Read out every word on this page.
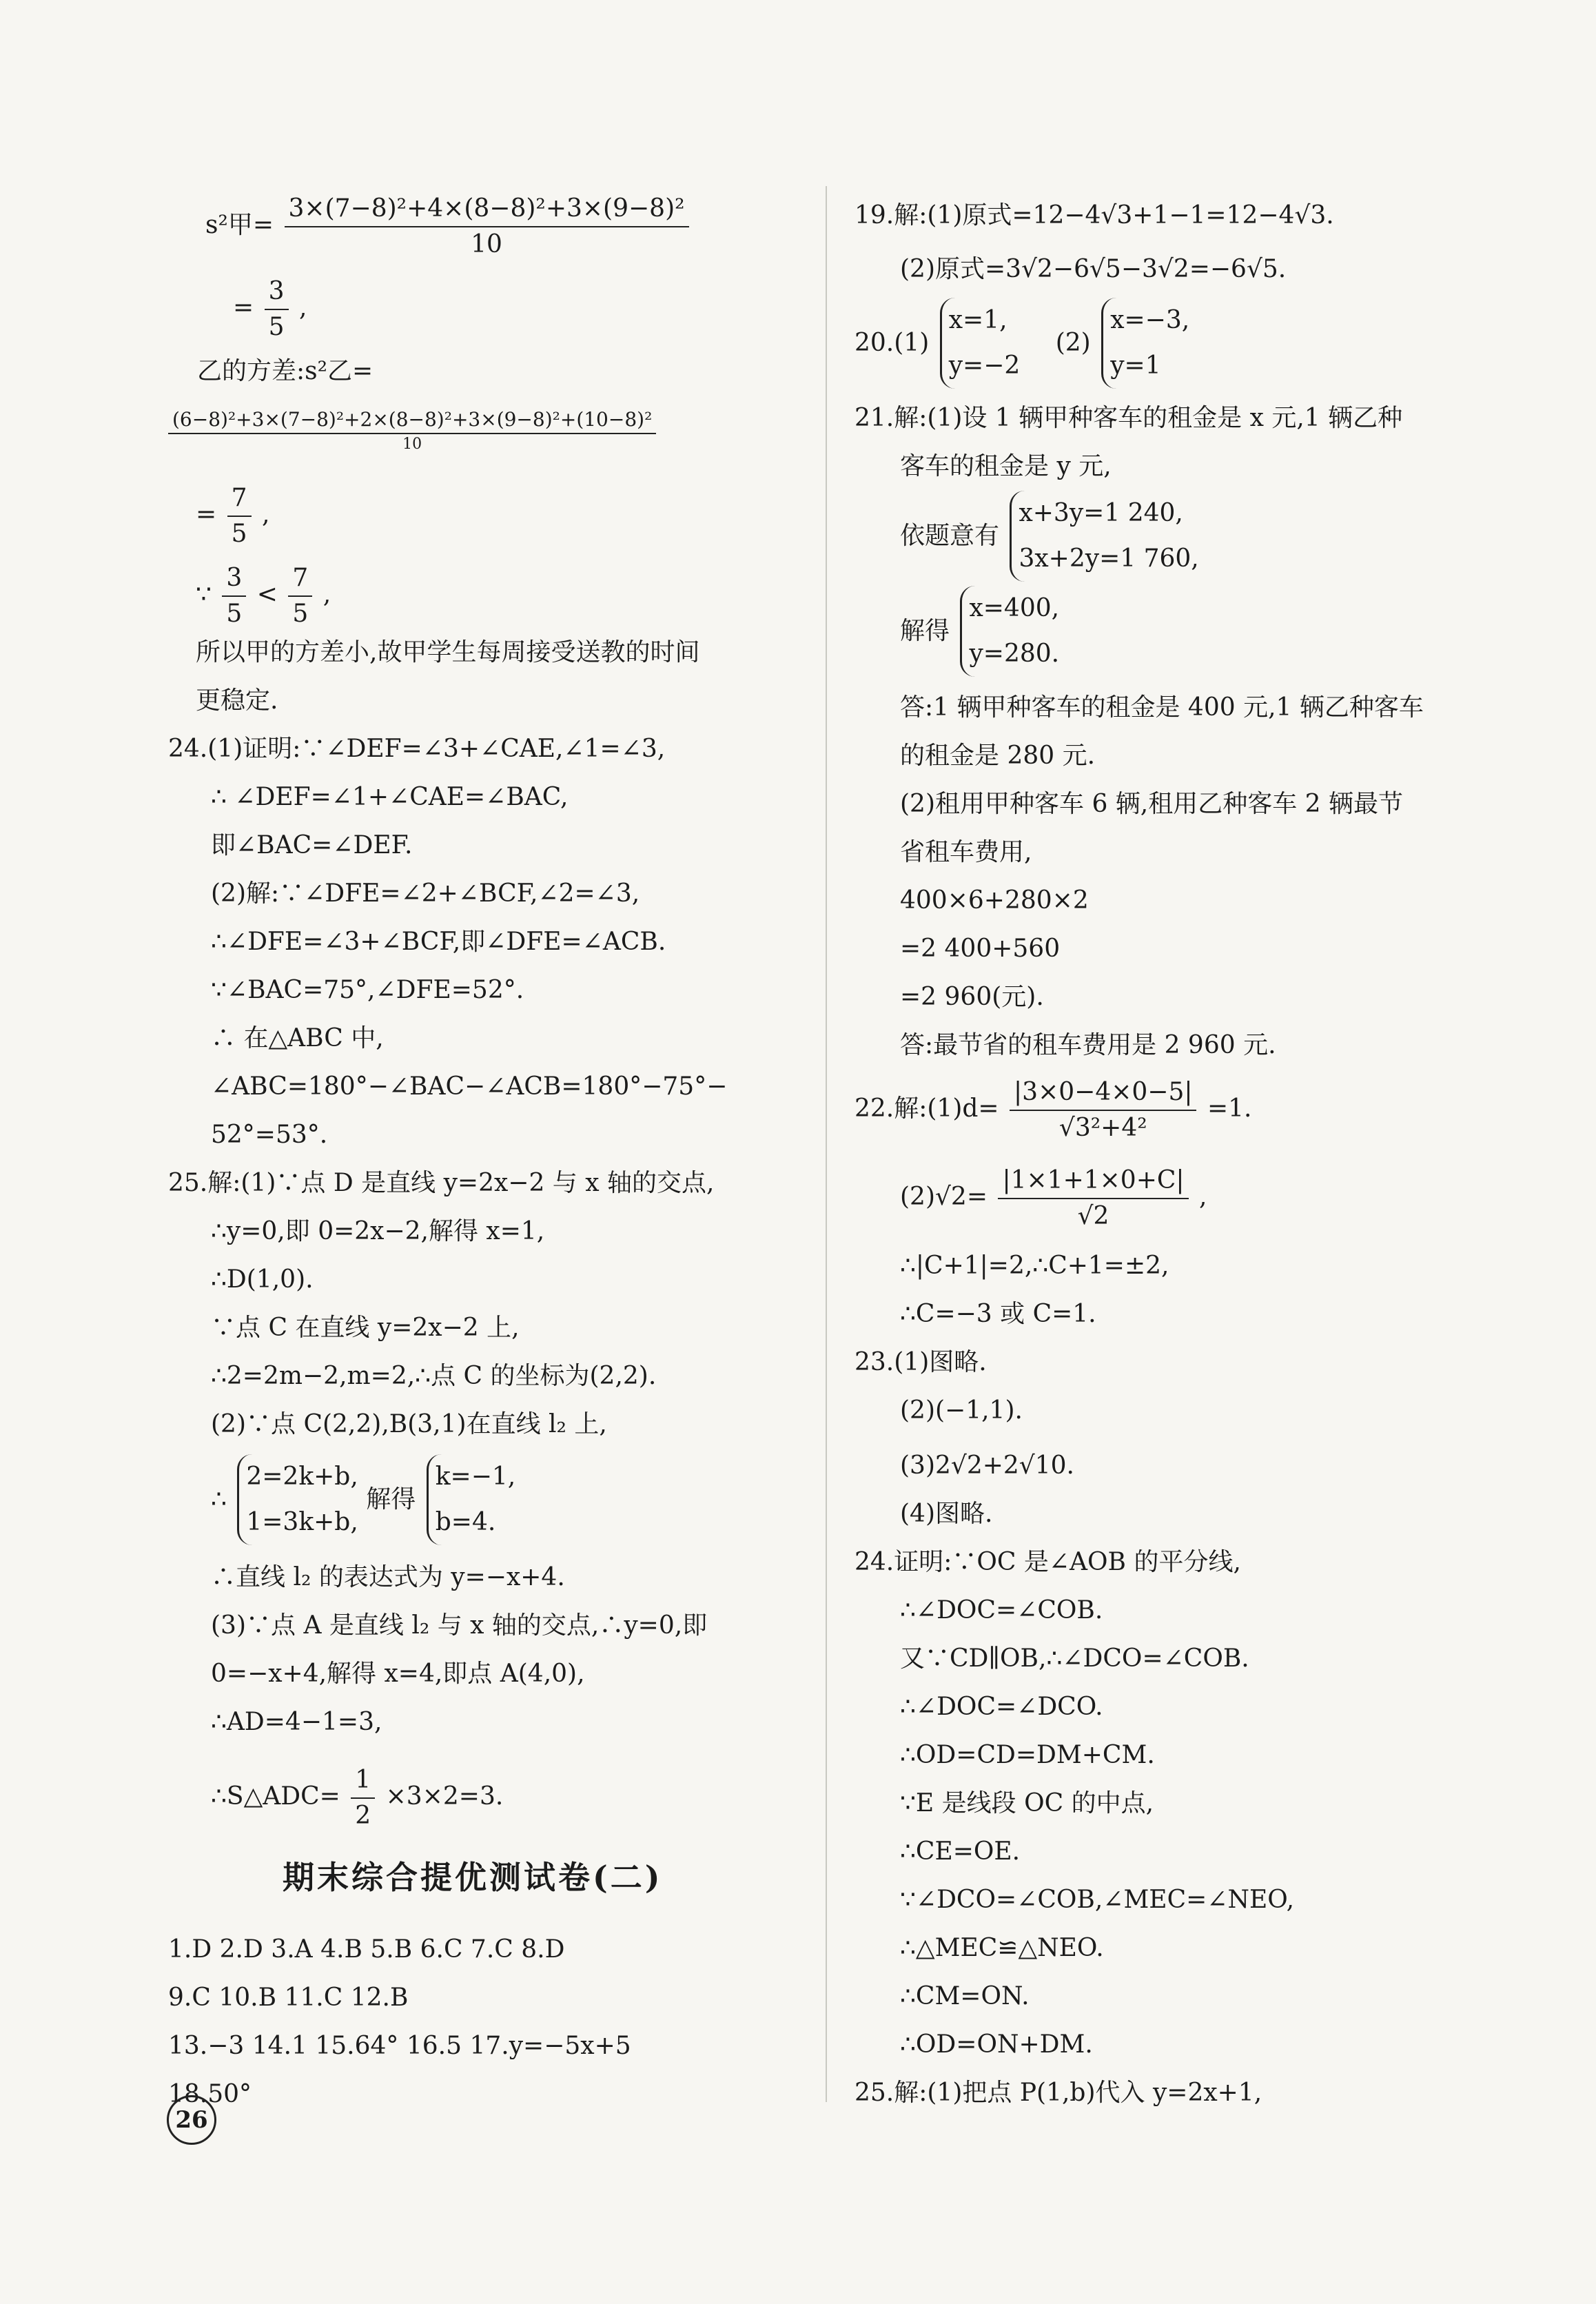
s²甲= $\frac{\text{3×(7−8)²+4×(8−8)²+3×(9−8)²}}{10}$
= $\frac{3}{5}$ ,
乙的方差:s²乙=
$\frac{\text{(6−8)²+3×(7−8)²+2×(8−8)²+3×(9−8)²+(10−8)²}}{10}$
= $\frac{7}{5}$ ,
∵ $\frac{3}{5} < \frac{7}{5}$ ,
所以甲的方差小,故甲学生每周接受送教的时间
更稳定.
24.(1)证明:∵∠DEF=∠3+∠CAE,∠1=∠3,
∴ ∠DEF=∠1+∠CAE=∠BAC,
即∠BAC=∠DEF.
(2)解:∵∠DFE=∠2+∠BCF,∠2=∠3,
∴∠DFE=∠3+∠BCF,即∠DFE=∠ACB.
∵∠BAC=75°,∠DFE=52°.
∴ 在△ABC 中,
∠ABC=180°−∠BAC−∠ACB=180°−75°−
52°=53°.
25.解:(1)∵点 D 是直线 y=2x−2 与 x 轴的交点,
∴y=0,即 0=2x−2,解得 x=1,
∴D(1,0).
∵点 C 在直线 y=2x−2 上,
∴2=2m−2,m=2,∴点 C 的坐标为(2,2).
(2)∵点 C(2,2),B(3,1)在直线 l₂ 上,
∴
2=2k+b,
1=3k+b,
解得
k=−1,
b=4.
∴直线 l₂ 的表达式为 y=−x+4.
(3)∵点 A 是直线 l₂ 与 x 轴的交点,∴y=0,即
0=−x+4,解得 x=4,即点 A(4,0),
∴AD=4−1=3,
∴S△ADC= $\frac{1}{2} \times 3\times 2=3$.
期末综合提优测试卷(二)
1.D 2.D 3.A 4.B 5.B 6.C 7.C 8.D
9.C 10.B 11.C 12.B
13.−3 14.1 15.64° 16.5 17.y=−5x+5
18.50°
26
19.解:(1)原式=12−4√3+1−1=12−4√3.
(2)原式=3√2−6√5−3√2=−6√5.
20.(1)
x=1,
y=−2
(2)
x=−3,
y=1
21.解:(1)设 1 辆甲种客车的租金是 x 元,1 辆乙种
客车的租金是 y 元,
依题意有
x+3y=1 240,
3x+2y=1 760,
解得
x=400,
y=280.
答:1 辆甲种客车的租金是 400 元,1 辆乙种客车
的租金是 280 元.
(2)租用甲种客车 6 辆,租用乙种客车 2 辆最节
省租车费用,
400×6+280×2
=2 400+560
=2 960(元).
答:最节省的租车费用是 2 960 元.
22.解:(1)d= $\frac{|3\times 0-4\times 0-5|}{\text{√3²+4²}} =1$.
$(2)√2= \frac{|1\times 1+1\times 0+C|}{√2}$ ,
∴|C+1|=2,∴C+1=±2,
∴C=−3 或 C=1.
23.(1)图略.
(2)(−1,1).
(3)2√2+2√10.
(4)图略.
24.证明:∵OC 是∠AOB 的平分线,
∴∠DOC=∠COB.
又∵CD∥OB,∴∠DCO=∠COB.
∴∠DOC=∠DCO.
∴OD=CD=DM+CM.
∵E 是线段 OC 的中点,
∴CE=OE.
∵∠DCO=∠COB,∠MEC=∠NEO,
∴△MEC≌△NEO.
∴CM=ON.
∴OD=ON+DM.
25.解:(1)把点 P(1,b)代入 y=2x+1,
